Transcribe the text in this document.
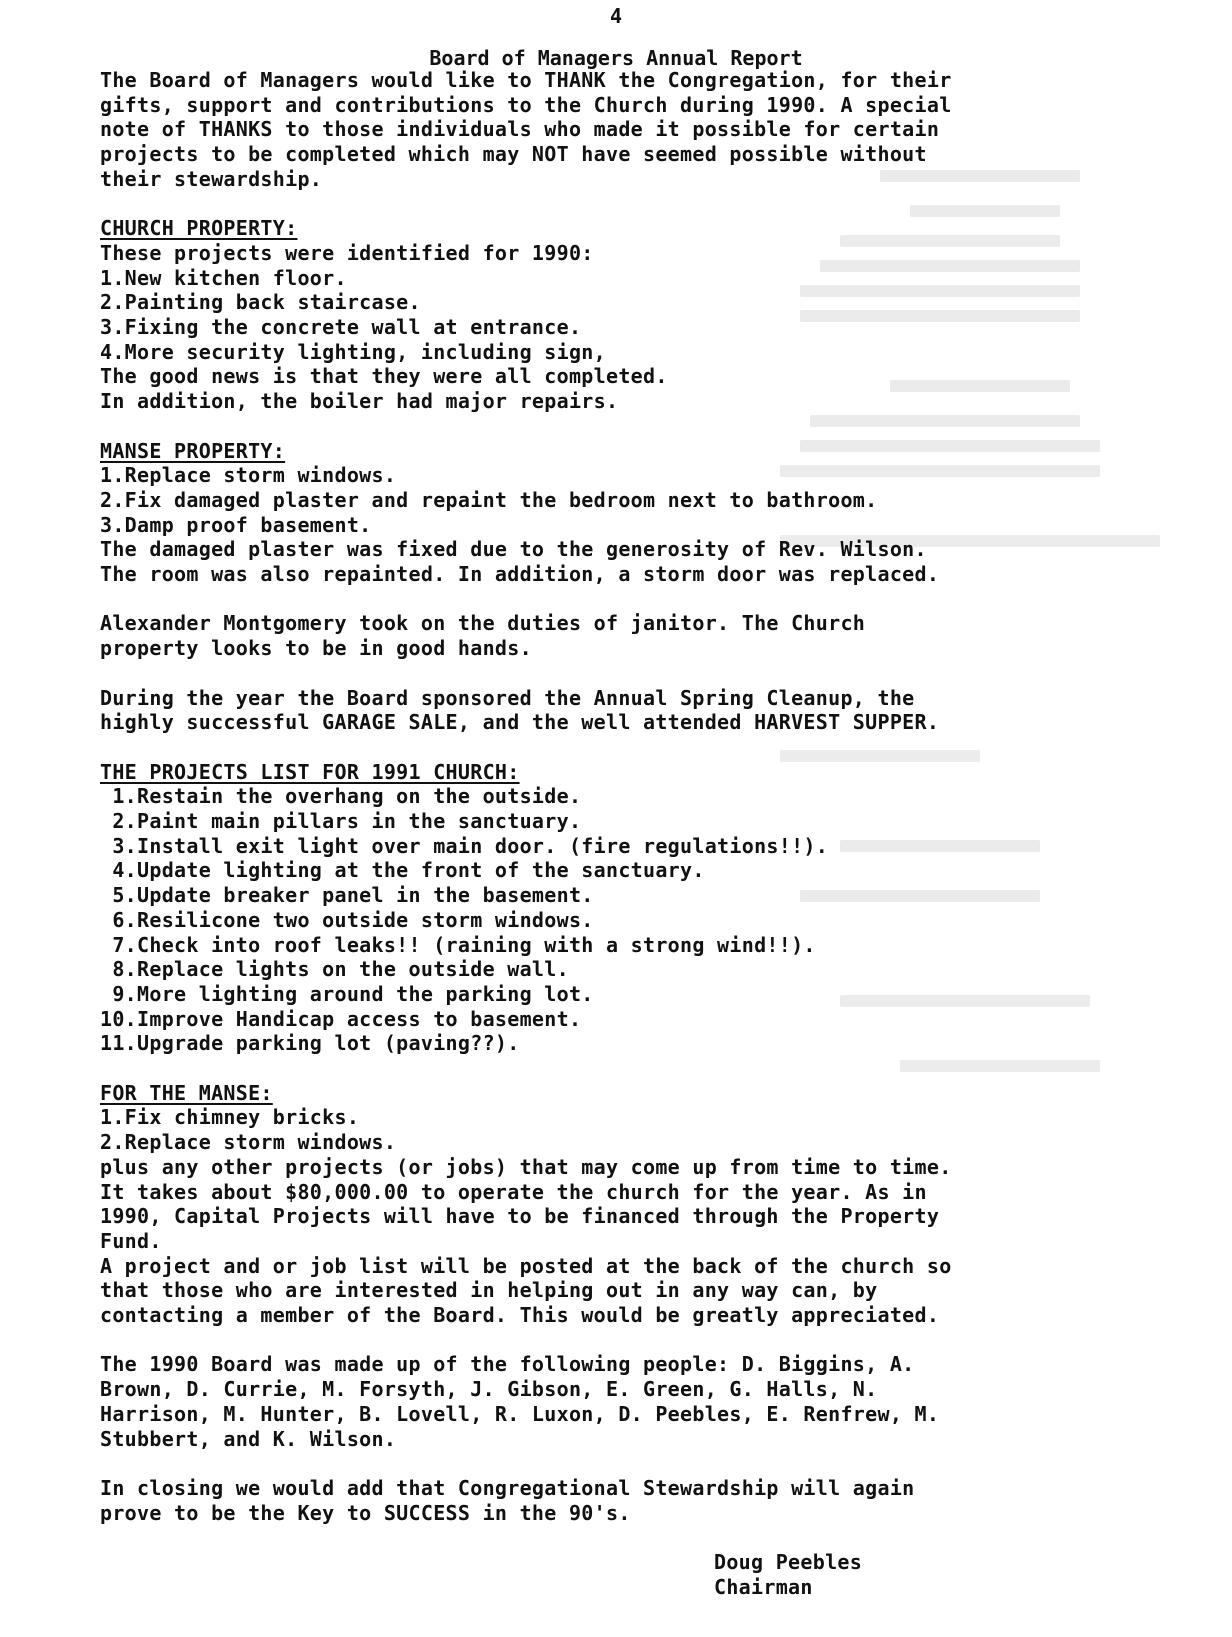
4
Board of Managers Annual Report
The Board of Managers would like to THANK the Congregation, for their
gifts, support and contributions to the Church during 1990. A special
note of THANKS to those individuals who made it possible for certain
projects to be completed which may NOT have seemed possible without
their stewardship.
CHURCH PROPERTY:
These projects were identified for 1990:
1.New kitchen floor.
2.Painting back staircase.
3.Fixing the concrete wall at entrance.
4.More security lighting, including sign,
The good news is that they were all completed.
In addition, the boiler had major repairs.
MANSE PROPERTY:
1.Replace storm windows.
2.Fix damaged plaster and repaint the bedroom next to bathroom.
3.Damp proof basement.
The damaged plaster was fixed due to the generosity of Rev. Wilson.
The room was also repainted. In addition, a storm door was replaced.
Alexander Montgomery took on the duties of janitor. The Church
property looks to be in good hands.
During the year the Board sponsored the Annual Spring Cleanup, the
highly successful GARAGE SALE, and the well attended HARVEST SUPPER.
THE PROJECTS LIST FOR 1991 CHURCH:
1.Restain the overhang on the outside.
2.Paint main pillars in the sanctuary.
3.Install exit light over main door. (fire regulations!!).
4.Update lighting at the front of the sanctuary.
5.Update breaker panel in the basement.
6.Resilicone two outside storm windows.
7.Check into roof leaks!! (raining with a strong wind!!).
8.Replace lights on the outside wall.
9.More lighting around the parking lot.
10.Improve Handicap access to basement.
11.Upgrade parking lot (paving??).
FOR THE MANSE:
1.Fix chimney bricks.
2.Replace storm windows.
plus any other projects (or jobs) that may come up from time to time.
It takes about $80,000.00 to operate the church for the year. As in
1990, Capital Projects will have to be financed through the Property
Fund.
A project and or job list will be posted at the back of the church so
that those who are interested in helping out in any way can, by
contacting a member of the Board. This would be greatly appreciated.
The 1990 Board was made up of the following people: D. Biggins, A.
Brown, D. Currie, M. Forsyth, J. Gibson, E. Green, G. Halls, N.
Harrison, M. Hunter, B. Lovell, R. Luxon, D. Peebles, E. Renfrew, M.
Stubbert, and K. Wilson.
In closing we would add that Congregational Stewardship will again
prove to be the Key to SUCCESS in the 90's.
Doug Peebles
Chairman
